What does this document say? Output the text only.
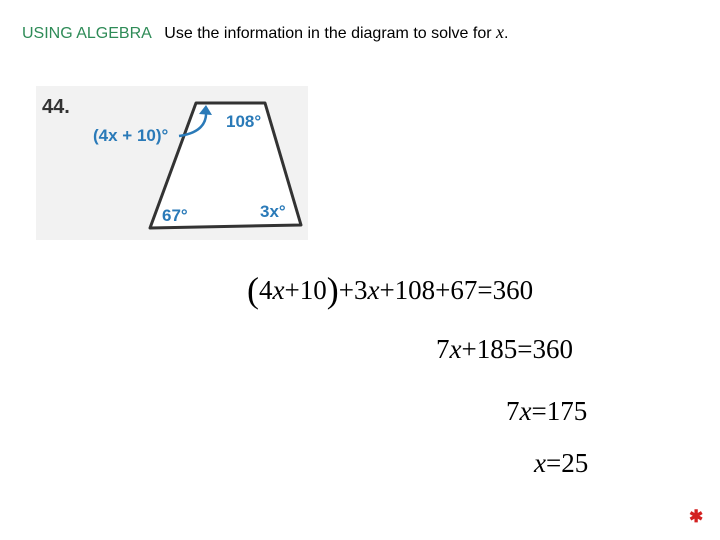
USING ALGEBRA Use the information in the diagram to solve for x.
44.
(4x + 10)°
108°
67°	3x°
(4x+10)+3x+108+67=360
7x+185=360
7x=175
x=25
✱
